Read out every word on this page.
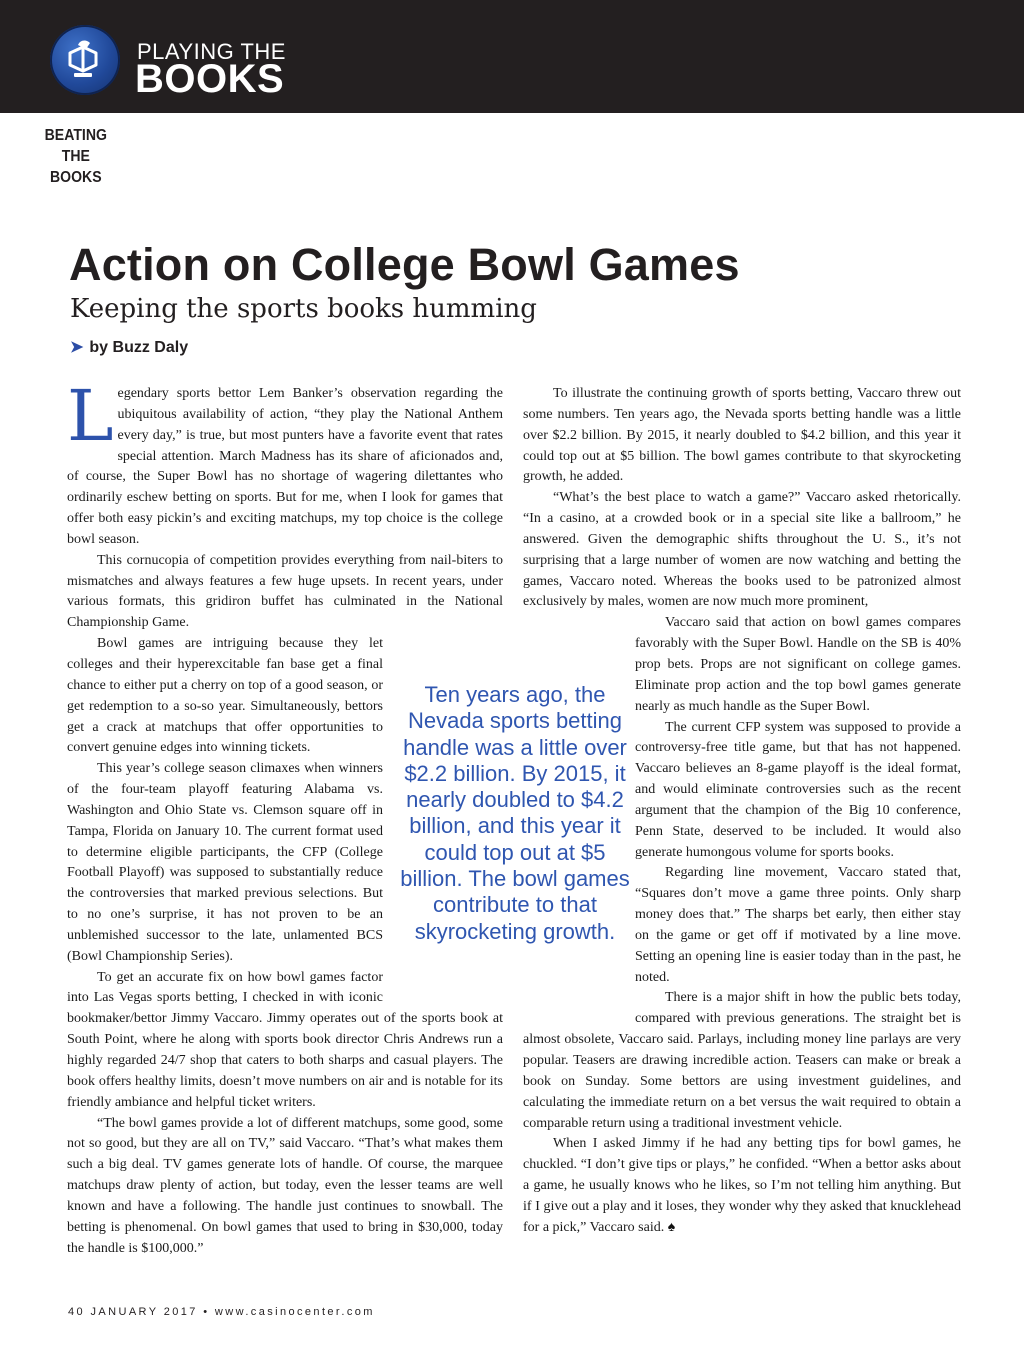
PLAYING THE
BOOKS
BEATING
THE BOOKS
Action on College Bowl Games
Keeping the sports books humming
➤ by Buzz Daly

Legendary sports bettor Lem Banker’s observation regarding the ubiquitous availability of action, “they play the National Anthem every day,” is true, but most punters have a favorite event that rates special attention. March Madness has its share of aficionados and, of course, the Super Bowl has no shortage of wagering dilettantes who ordinarily eschew betting on sports. But for me, when I look for games that offer both easy pickin’s and exciting matchups, my top choice is the college bowl season.

This cornucopia of competition provides everything from nail-biters to mismatches and always features a few huge upsets. In recent years, under various formats, this gridiron buffet has culminated in the National Championship Game.

Bowl games are intriguing because they let colleges and their hyperexcitable fan base get a final chance to either put a cherry on top of a good season, or get redemption to a so-so year. Simultaneously, bettors get a crack at matchups that offer opportunities to convert genuine edges into winning tickets.

This year’s college season climaxes when winners of the four-team playoff featuring Alabama vs. Washington and Ohio State vs. Clemson square off in Tampa, Florida on January 10. The current format used to determine eligible participants, the CFP (College Football Playoff) was supposed to substantially reduce the controversies that marked previous selections. But to no one’s surprise, it has not proven to be an unblemished successor to the late, unlamented BCS (Bowl Championship Series).

To get an accurate fix on how bowl games factor into Las Vegas sports betting, I checked in with iconic bookmaker/bettor Jimmy Vaccaro. Jimmy operates out of the sports book at South Point, where he along with sports book director Chris Andrews run a highly regarded 24/7 shop that caters to both sharps and casual players. The book offers healthy limits, doesn’t move numbers on air and is notable for its friendly ambiance and helpful ticket writers.

“The bowl games provide a lot of different matchups, some good, some not so good, but they are all on TV,” said Vaccaro. “That’s what makes them such a big deal. TV games generate lots of handle. Of course, the marquee matchups draw plenty of action, but today, even the lesser teams are well known and have a following. The handle just continues to snowball. The betting is phenomenal. On bowl games that used to bring in $30,000, today the handle is $100,000.”

To illustrate the continuing growth of sports betting, Vaccaro threw out some numbers. Ten years ago, the Nevada sports betting handle was a little over $2.2 billion. By 2015, it nearly doubled to $4.2 billion, and this year it could top out at $5 billion. The bowl games contribute to that skyrocketing growth, he added.

“What’s the best place to watch a game?” Vaccaro asked rhetorically. “In a casino, at a crowded book or in a special site like a ballroom,” he answered. Given the demographic shifts throughout the U. S., it’s not surprising that a large number of women are now watching and betting the games, Vaccaro noted. Whereas the books used to be patronized almost exclusively by males, women are now much more prominent,

Vaccaro said that action on bowl games compares favorably with the Super Bowl. Handle on the SB is 40% prop bets. Props are not significant on college games. Eliminate prop action and the top bowl games generate nearly as much handle as the Super Bowl.

The current CFP system was supposed to provide a controversy-free title game, but that has not happened. Vaccaro believes an 8-game playoff is the ideal format, and would eliminate controversies such as the recent argument that the champion of the Big 10 conference, Penn State, deserved to be included. It would also generate humongous volume for sports books.

Regarding line movement, Vaccaro stated that, “Squares don’t move a game three points. Only sharp money does that.” The sharps bet early, then either stay on the game or get off if motivated by a line move. Setting an opening line is easier today than in the past, he noted.

There is a major shift in how the public bets today, compared with previous generations. The straight bet is almost obsolete, Vaccaro said. Parlays, including money line parlays are very popular. Teasers are drawing incredible action. Teasers can make or break a book on Sunday. Some bettors are using investment guidelines, and calculating the immediate return on a bet versus the wait required to obtain a comparable return using a traditional investment vehicle.

When I asked Jimmy if he had any betting tips for bowl games, he chuckled. “I don’t give tips or plays,” he confided. “When a bettor asks about a game, he usually knows who he likes, so I’m not telling him anything. But if I give out a play and it loses, they wonder why they asked that knucklehead for a pick,” Vaccaro said. ♠

Ten years ago, the Nevada sports betting handle was a little over $2.2 billion. By 2015, it nearly doubled to $4.2 billion, and this year it could top out at $5 billion. The bowl games contribute to that skyrocketing growth.
40 JANUARY 2017 • www.casinocenter.com
